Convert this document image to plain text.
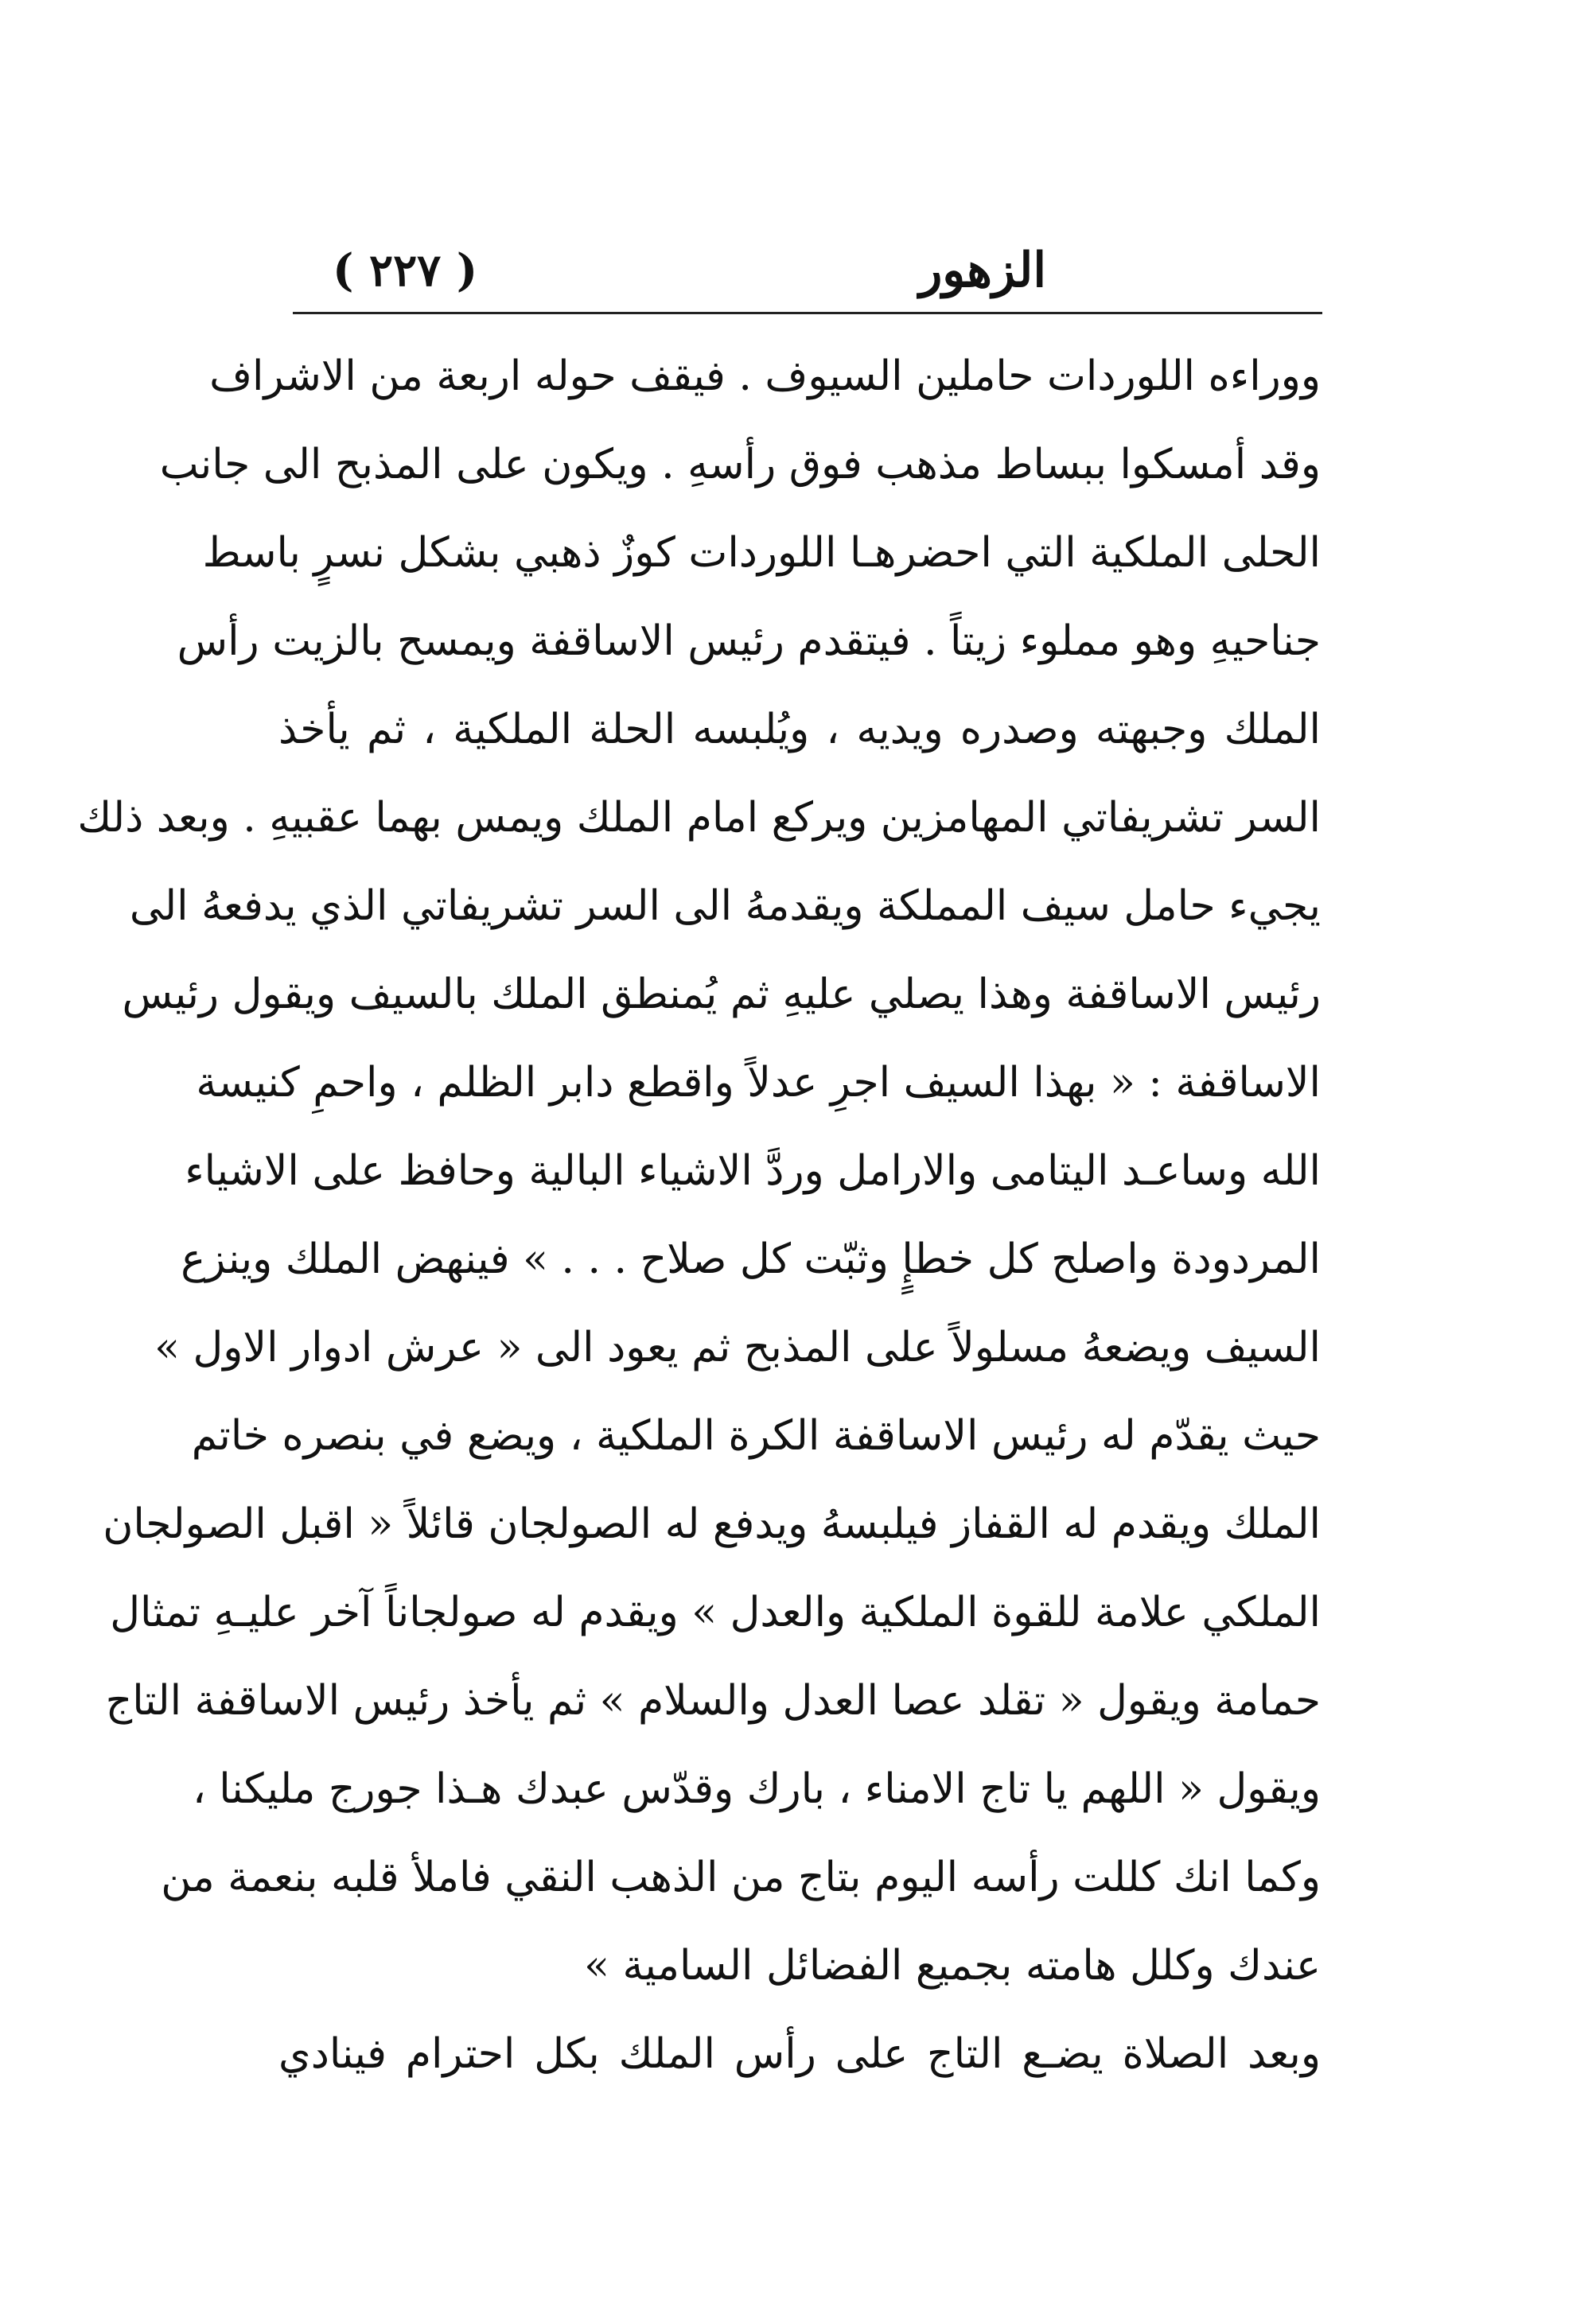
الزهور
( ٢٢٧ )
ووراءه اللوردات حاملين السيوف . فيقف حوله اربعة من الاشراف
وقد أمسكوا ببساط مذهب فوق رأسهِ . ويكون على المذبح الى جانب
الحلى الملكية التي احضرهـا اللوردات كوزٌ ذهبي بشكل نسرٍ باسط
جناحيهِ وهو مملوء زيتاً . فيتقدم رئيس الاساقفة ويمسح بالزيت رأس
الملك وجبهته وصدره ويديه ، ويُلبسه الحلة الملكية ، ثم يأخذ
السر تشريفاتي المهامزين ويركع امام الملك ويمس بهما عقبيهِ . وبعد ذلك
يجيء حامل سيف المملكة ويقدمهُ الى السر تشريفاتي الذي يدفعهُ الى
رئيس الاساقفة وهذا يصلي عليهِ ثم يُمنطق الملك بالسيف ويقول رئيس
الاساقفة : « بهذا السيف اجرِ عدلاً واقطع دابر الظلم ، واحمِ كنيسة
الله وساعـد اليتامى والارامل وردَّ الاشياء البالية وحافظ على الاشياء
المردودة واصلح كل خطإٍ وثبّت كل صلاح . . . » فينهض الملك وينزع
السيف ويضعهُ مسلولاً على المذبح ثم يعود الى « عرش ادوار الاول »
حيث يقدّم له رئيس الاساقفة الكرة الملكية ، ويضع في بنصره خاتم
الملك ويقدم له القفاز فيلبسهُ ويدفع له الصولجان قائلاً « اقبل الصولجان
الملكي علامة للقوة الملكية والعدل » ويقدم له صولجاناً آخر عليـهِ تمثال
حمامة ويقول « تقلد عصا العدل والسلام » ثم يأخذ رئيس الاساقفة التاج
ويقول « اللهم يا تاج الامناء ، بارك وقدّس عبدك هـذا جورج مليكنا ،
وكما انك كللت رأسه اليوم بتاج من الذهب النقي فاملأ قلبه بنعمة من
عندك وكلل هامته بجميع الفضائل السامية »
وبعد الصلاة يضـع التاج على رأس الملك بكل احترام فينادي
